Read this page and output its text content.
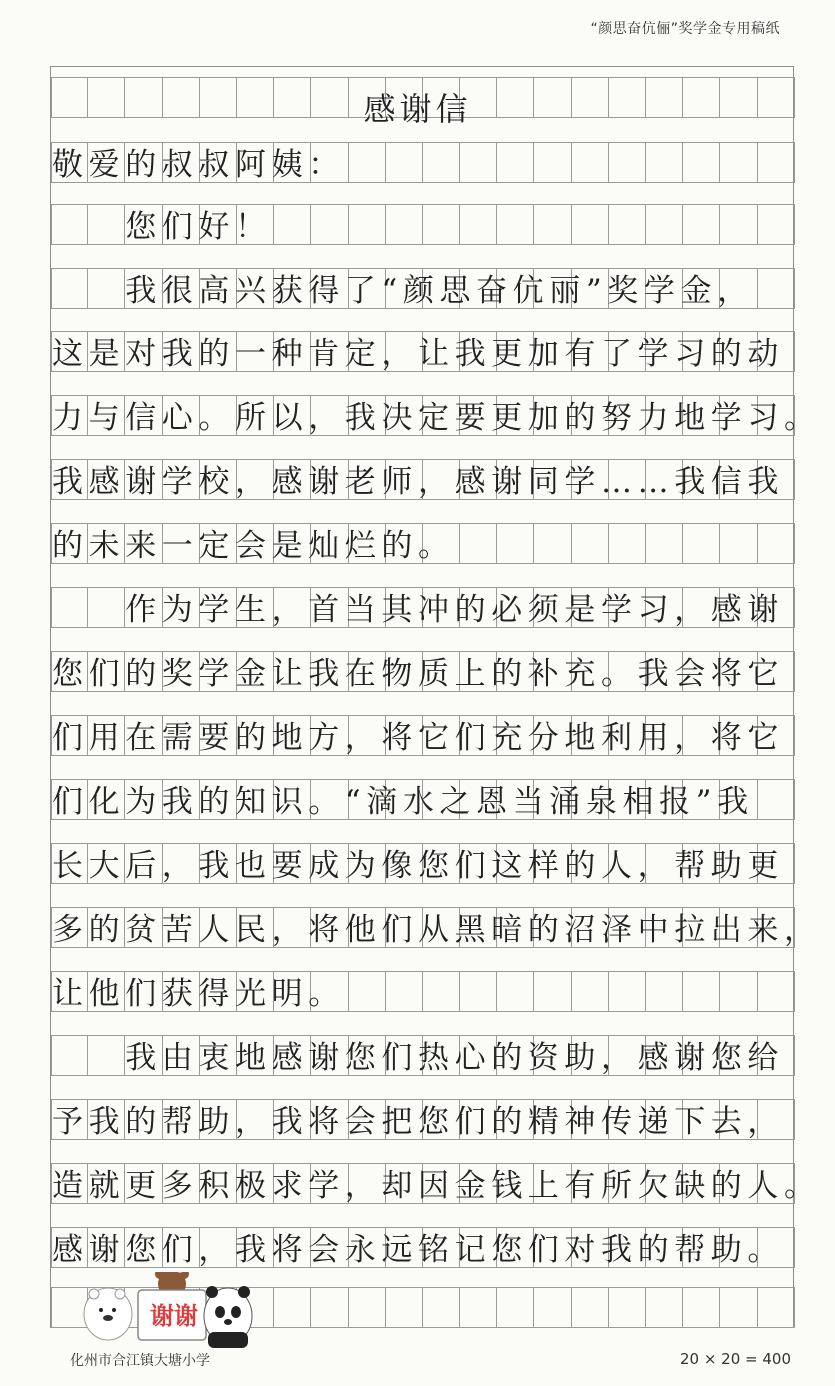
“颜思奋伉俪”奖学金专用稿纸
感谢信
敬爱的叔叔阿姨：
　　您们好！
　　我很高兴获得了“颜思奋伉丽”奖学金，
这是对我的一种肯定，让我更加有了学习的动
力与信心。所以，我决定要更加的努力地学习。
我感谢学校，感谢老师，感谢同学……我信我
的未来一定会是灿烂的。
　　作为学生，首当其冲的必须是学习，感谢
您们的奖学金让我在物质上的补充。我会将它
们用在需要的地方，将它们充分地利用，将它
们化为我的知识。“滴水之恩当涌泉相报”我
长大后，我也要成为像您们这样的人，帮助更
多的贫苦人民，将他们从黑暗的沼泽中拉出来，
让他们获得光明。
　　我由衷地感谢您们热心的资助，感谢您给
予我的帮助，我将会把您们的精神传递下去，
造就更多积极求学，却因金钱上有所欠缺的人。
感谢您们，我将会永远铭记您们对我的帮助。
谢谢
化州市合江镇大塘小学	20 × 20 = 400
